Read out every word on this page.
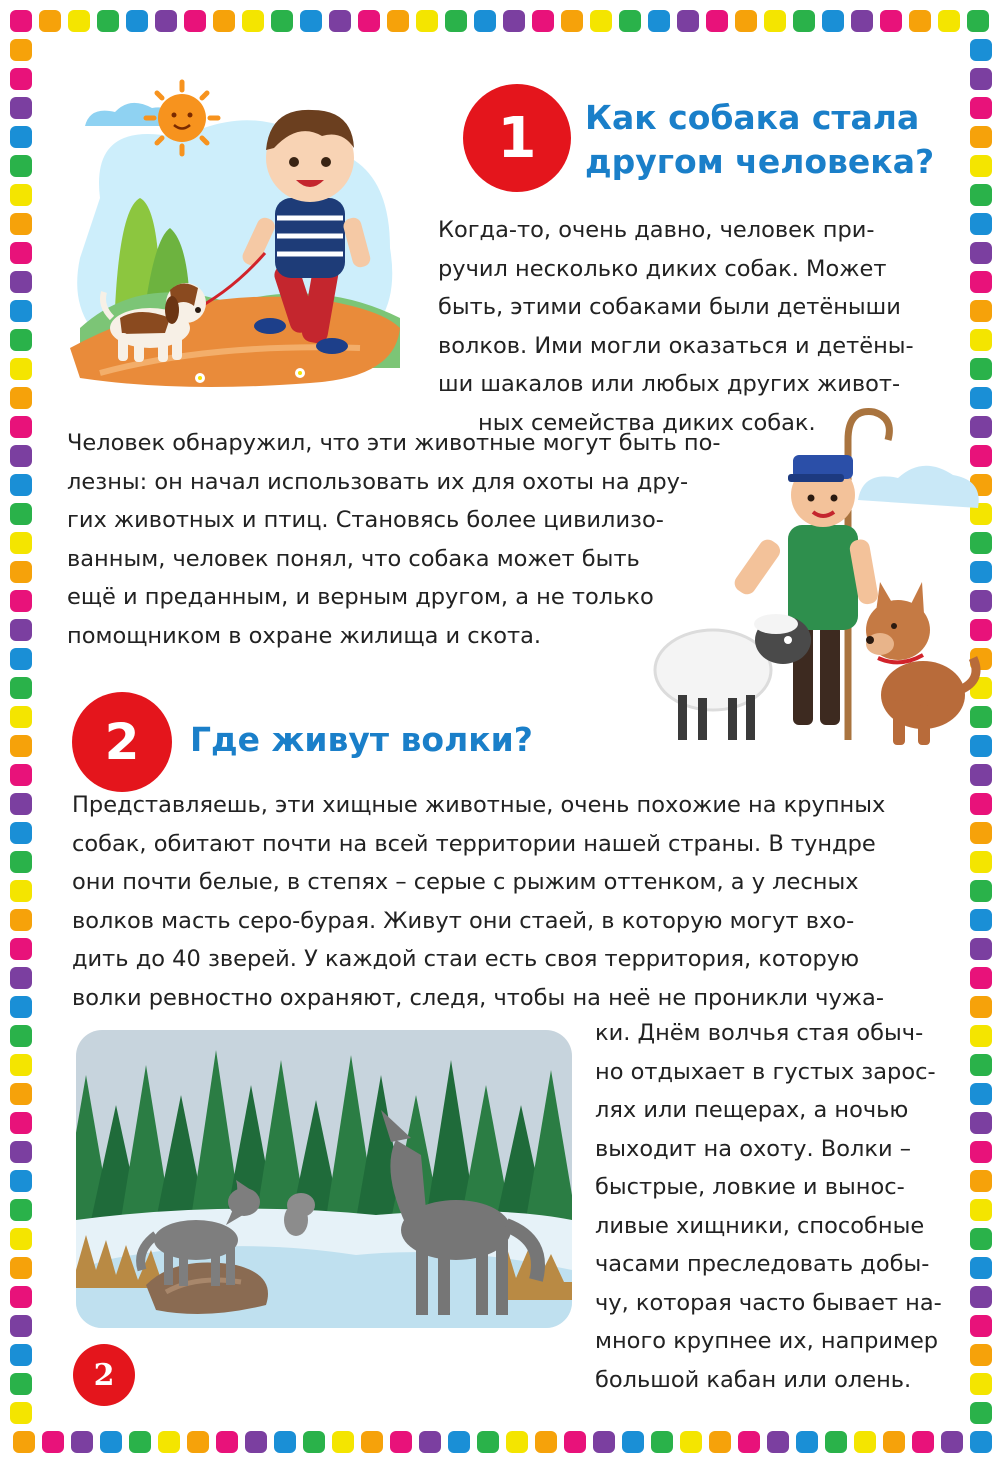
1	Как собака стала
другом человека?

Когда-то, очень давно, человек при-
ручил несколько диких собак. Может
быть, этими собаками были детёныши
волков. Ими могли оказаться и детёны-
ши шакалов или любых других живот-
ных семейства диких собак.

Человек обнаружил, что эти животные могут быть по-
лезны: он начал использовать их для охоты на дру-
гих животных и птиц. Становясь более цивилизо-
ванным, человек понял, что собака может быть
ещё и преданным, и верным другом, а не только
помощником в охране жилища и скота.

2	Где живут волки?

Представляешь, эти хищные животные, очень похожие на крупных
собак, обитают почти на всей территории нашей страны. В тундре
они почти белые, в степях – серые с рыжим оттенком, а у лесных
волков масть серо-бурая. Живут они стаей, в которую могут вхо-
дить до 40 зверей. У каждой стаи есть своя территория, которую
волки ревностно охраняют, следя, чтобы на неё не проникли чужа-

ки. Днём волчья стая обыч-
но отдыхает в густых зарос-
лях или пещерах, а ночью
выходит на охоту. Волки –
быстрые, ловкие и вынос-
ливые хищники, способные
часами преследовать добы-
чу, которая часто бывает на-
много крупнее их, например
большой кабан или олень.

2
